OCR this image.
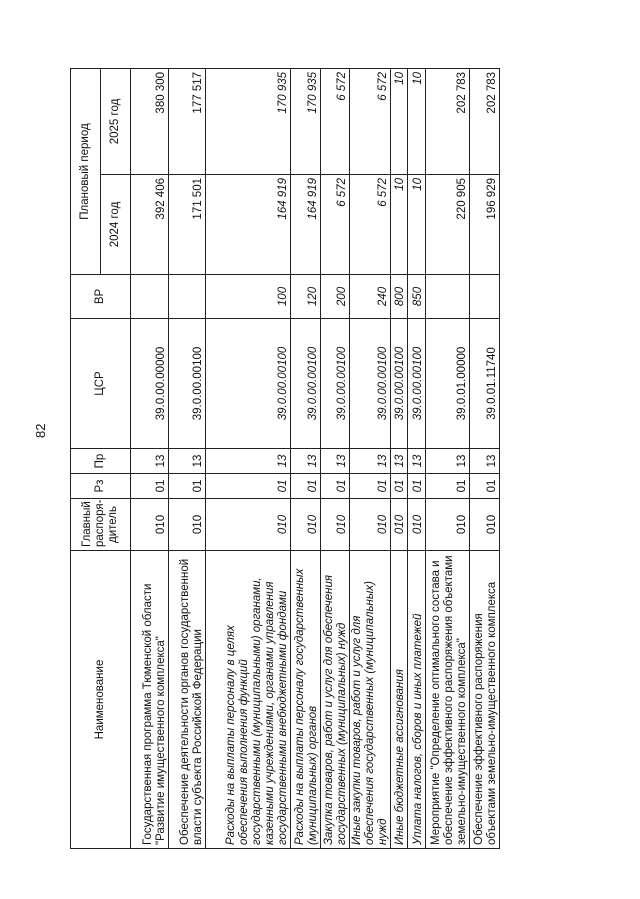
82
Наименование	Главный распоря-дитель	Рз	Пр	ЦСР	ВР	Плановый период	
						2024 год	2025 год
Государственная программа Тюменской области "Развитие имущественного комплекса"	010	01	13	39.0.00.00000		392 406	380 300
Обеспечение деятельности органов государственной власти субъекта Российской Федерации	010	01	13	39.0.00.00100		171 501	177 517
Расходы на выплаты персоналу в целях обеспечения выполнения функций государственными (муниципальными) органами, казенными учреждениями, органами управления государственными внебюджетными фондами	010	01	13	39.0.00.00100	100	164 919	170 935
Расходы на выплаты персоналу государственных (муниципальных) органов	010	01	13	39.0.00.00100	120	164 919	170 935
Закупка товаров, работ и услуг для обеспечения государственных (муниципальных) нужд	010	01	13	39.0.00.00100	200	6 572	6 572
Иные закупки товаров, работ и услуг для обеспечения государственных (муниципальных) нужд	010	01	13	39.0.00.00100	240	6 572	6 572
Иные бюджетные ассигнования	010	01	13	39.0.00.00100	800	10	10
Уплата налогов, сборов и иных платежей	010	01	13	39.0.00.00100	850	10	10
Мероприятие "Определение оптимального состава и обеспечение эффективного распоряжения объектами земельно-имущественного комплекса"	010	01	13	39.0.01.00000		220 905	202 783
Обеспечение эффективного распоряжения объектами земельно-имущественного комплекса	010	01	13	39.0.01.11740		196 929	202 783
